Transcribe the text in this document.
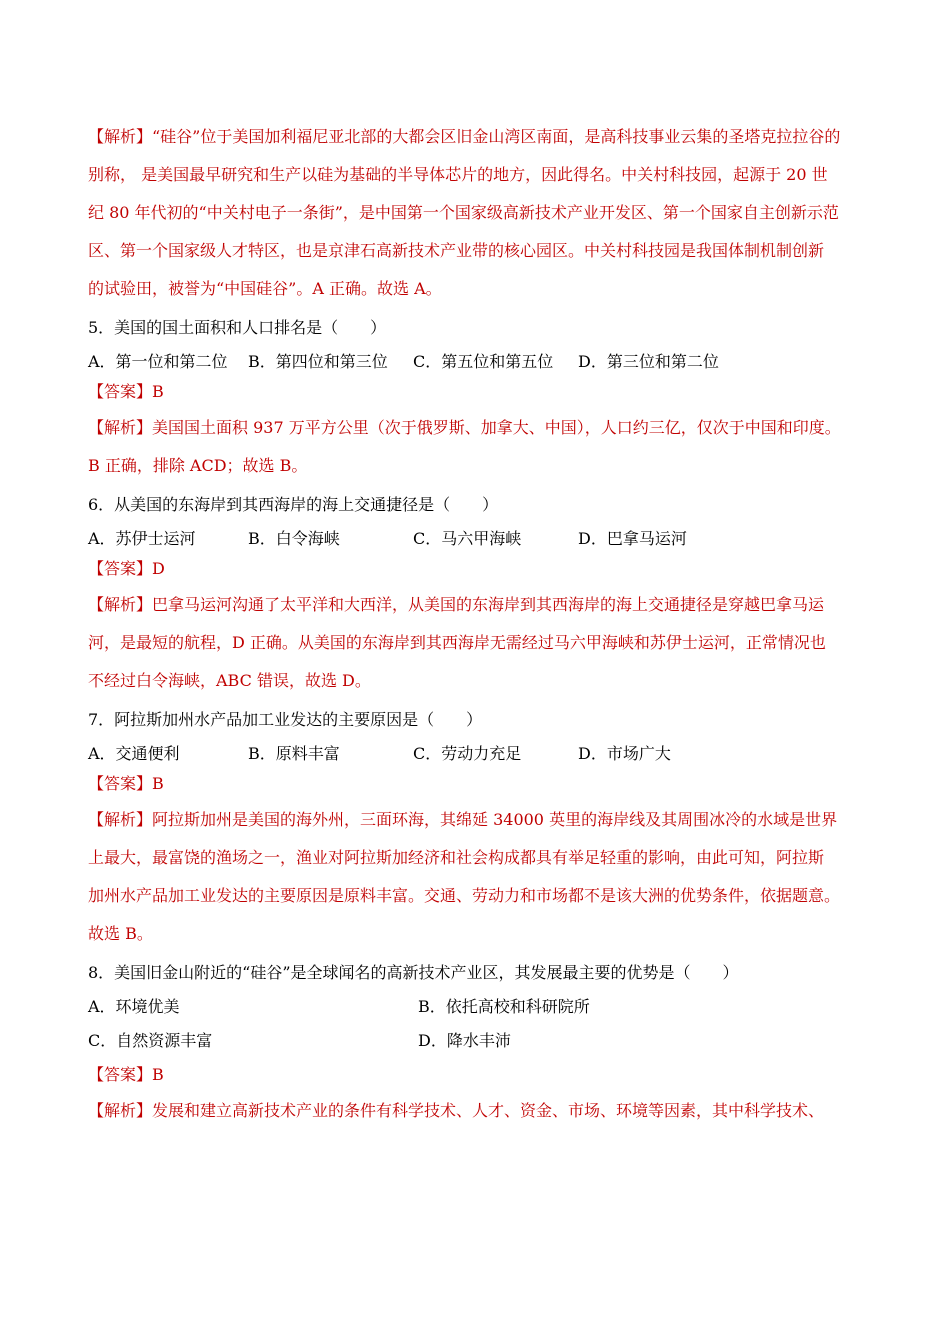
【解析】“硅谷”位于美国加利福尼亚北部的大都会区旧金山湾区南面，是高科技事业云集的圣塔克拉拉谷的
别称， 是美国最早研究和生产以硅为基础的半导体芯片的地方，因此得名。中关村科技园，起源于 20 世
纪 80 年代初的“中关村电子一条街”，是中国第一个国家级高新技术产业开发区、第一个国家自主创新示范
区、第一个国家级人才特区，也是京津石高新技术产业带的核心园区。中关村科技园是我国体制机制创新
的试验田，被誉为“中国硅谷”。A 正确。故选 A。
5．美国的国土面积和人口排名是（　　）
A．第一位和第二位	B．第四位和第三位	C．第五位和第五位	D．第三位和第二位
【答案】B
【解析】美国国土面积 937 万平方公里（次于俄罗斯、加拿大、中国），人口约三亿，仅次于中国和印度。
B 正确，排除 ACD；故选 B。
6．从美国的东海岸到其西海岸的海上交通捷径是（　　）
A．苏伊士运河	B．白令海峡	C．马六甲海峡	D．巴拿马运河
【答案】D
【解析】巴拿马运河沟通了太平洋和大西洋，从美国的东海岸到其西海岸的海上交通捷径是穿越巴拿马运
河，是最短的航程，D 正确。从美国的东海岸到其西海岸无需经过马六甲海峡和苏伊士运河，正常情况也
不经过白令海峡，ABC 错误，故选 D。
7．阿拉斯加州水产品加工业发达的主要原因是（　　）
A．交通便利	B．原料丰富	C．劳动力充足	D．市场广大
【答案】B
【解析】阿拉斯加州是美国的海外州，三面环海，其绵延 34000 英里的海岸线及其周围冰冷的水域是世界
上最大，最富饶的渔场之一，渔业对阿拉斯加经济和社会构成都具有举足轻重的影响，由此可知，阿拉斯
加州水产品加工业发达的主要原因是原料丰富。交通、劳动力和市场都不是该大洲的优势条件，依据题意。
故选 B。
8．美国旧金山附近的“硅谷”是全球闻名的高新技术产业区，其发展最主要的优势是（　　）
A．环境优美	B．依托高校和科研院所
C．自然资源丰富	D．降水丰沛
【答案】B
【解析】发展和建立高新技术产业的条件有科学技术、人才、资金、市场、环境等因素，其中科学技术、
